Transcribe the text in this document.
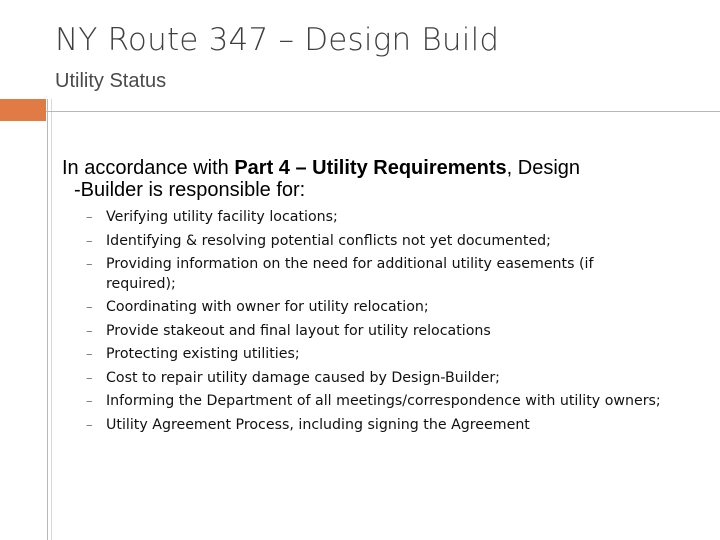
NY Route 347 – Design Build
Utility Status
In accordance with Part 4 – Utility Requirements, Design
-Builder is responsible for:
– Verifying utility facility locations;
– Identifying & resolving potential conflicts not yet documented;
– Providing information on the need for additional utility easements (if required);
– Coordinating with owner for utility relocation;
– Provide stakeout and final layout for utility relocations
– Protecting existing utilities;
– Cost to repair utility damage caused by Design-Builder;
– Informing the Department of all meetings/correspondence with utility owners;
– Utility Agreement Process, including signing the Agreement
